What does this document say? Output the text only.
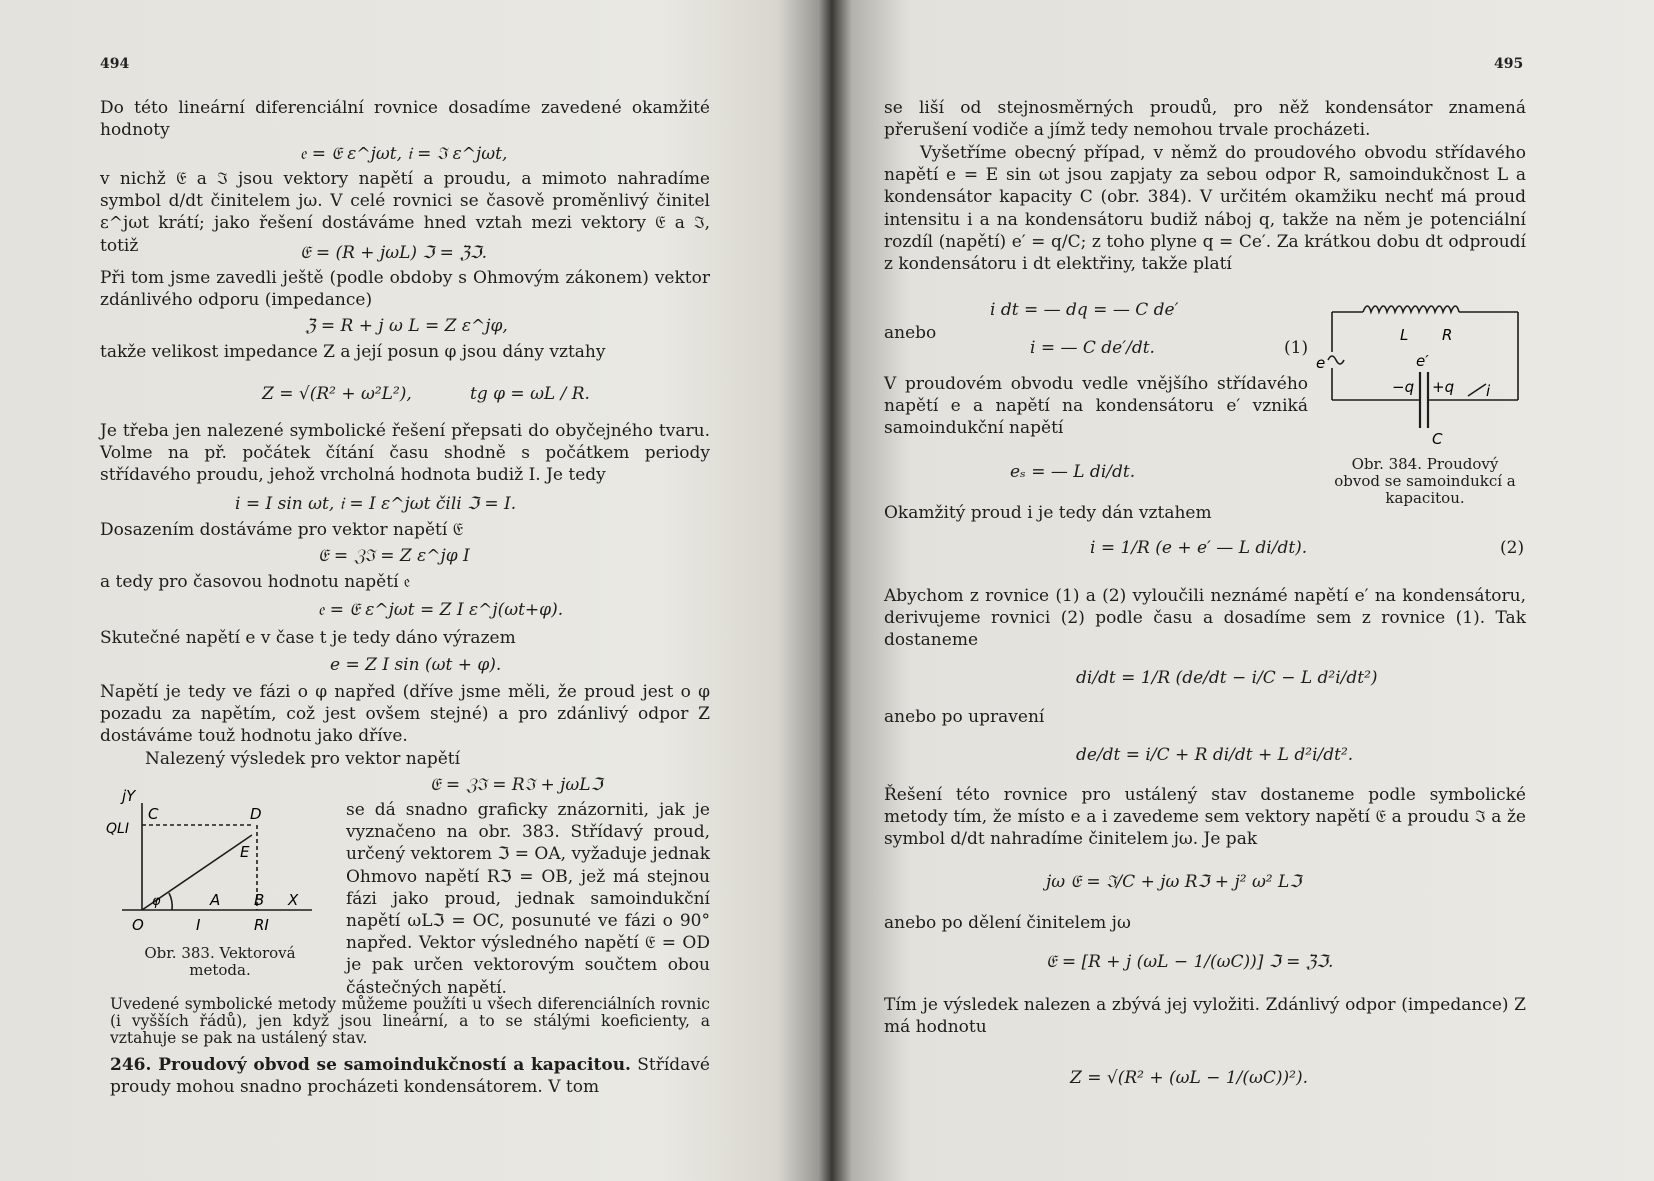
494

Do této lineární diferenciální rovnice dosadíme zavedené okamžité hodnoty

𝔢 = 𝔈 ε^jωt, 𝔦 = ℑ ε^jωt,

v nichž 𝔈 a ℑ jsou vektory napětí a proudu, a mimoto nahradíme symbol d/dt činitelem jω. V celé rovnici se časově proměnlivý činitel ε^jωt krátí; jako řešení dostáváme hned vztah mezi vektory 𝔈 a ℑ, totiž	𝔈 = (R + jωL) ℑ = ℨℑ.

Při tom jsme zavedli ještě (podle obdoby s Ohmovým zákonem) vektor zdánlivého odporu (impedance)

ℨ = R + j ω L = Z ε^jφ,

takže velikost impedance Z a její posun φ jsou dány vztahy

Z = √(R² + ω²L²),	tg φ = ωL / R.

Je třeba jen nalezené symbolické řešení přepsati do obyčejného tvaru. Volme na př. počátek čítání času shodně s počátkem periody střídavého proudu, jehož vrcholná hodnota budiž I. Je tedy

i = I sin ωt, 𝔦 = I ε^jωt čili ℑ = I.

Dosazením dostáváme pro vektor napětí 𝔈

𝔈 = ℨℑ = Z ε^jφ I

a tedy pro časovou hodnotu napětí 𝔢

𝔢 = 𝔈 ε^jωt = Z I ε^j(ωt+φ).

Skutečné napětí e v čase t je tedy dáno výrazem

e = Z I sin (ωt + φ).

Napětí je tedy ve fázi o φ napřed (dříve jsme měli, že proud jest o φ pozadu za napětím, což jest ovšem stejné) a pro zdánlivý odpor Z dostáváme touž hodnotu jako dříve.

Nalezený výsledek pro vektor napětí

𝔈 = ℨℑ = Rℑ + jωLℑ

se dá snadno graficky znázorniti, jak je vyznačeno na obr. 383. Střídavý proud, určený vektorem ℑ = OA, vyžaduje jednak Ohmovo napětí Rℑ = OB, jež má stejnou fázi jako proud, jednak samoindukční napětí ωLℑ = OC, posunuté ve fázi o 90° napřed. Vektor výsledného napětí 𝔈 = OD je pak určen vektorovým součtem obou částečných napětí.

jY
C	D
E
QLI
O	I
A B X
RI
φ
Obr. 383. Vektorová metoda.

Uvedené symbolické metody můžeme použíti u všech diferenciálních rovnic (i vyšších řádů), jen když jsou lineární, a to se stálými koeficienty, a vztahuje se pak na ustálený stav.

246. Proudový obvod se samoindukčností a kapacitou. Střídavé proudy mohou snadno procházeti kondensátorem. V tom

495

se liší od stejnosměrných proudů, pro něž kondensátor znamená přerušení vodiče a jímž tedy nemohou trvale procházeti.

Vyšetříme obecný případ, v němž do proudového obvodu střídavého napětí e = E sin ωt jsou zapjaty za sebou odpor R, samoindukčnost L a kondensátor kapacity C (obr. 384). V určitém okamžiku nechť má proud intensitu i a na kondensátoru budiž náboj q, takže na něm je potenciální rozdíl (napětí) e′ = q/C; z toho plyne q = Ce′. Za krátkou dobu dt odproudí z kondensátoru i dt elektřiny, takže platí

i dt = — dq = — C de′
anebo
i = — C de′/dt.	(1)

V proudovém obvodu vedle vnějšího střídavého napětí e a napětí na kondensátoru e′ vzniká samoindukční napětí

eₛ = — L di/dt.
L R
e	e′
−q +q i
C
Obr. 384. Proudový obvod se samoindukcí a kapacitou.

Okamžitý proud i je tedy dán vztahem

i = 1/R (e + e′ — L di/dt).	(2)

Abychom z rovnice (1) a (2) vyloučili neznámé napětí e′ na kondensátoru, derivujeme rovnici (2) podle času a dosadíme sem z rovnice (1). Tak dostaneme

di/dt = 1/R (de/dt − i/C − L d²i/dt²)

anebo po upravení

de/dt = i/C + R di/dt + L d²i/dt².

Řešení této rovnice pro ustálený stav dostaneme podle symbolické metody tím, že místo e a i zavedeme sem vektory napětí 𝔈 a proudu ℑ a že symbol d/dt nahradíme činitelem jω. Je pak

jω 𝔈 = ℑ/C + jω Rℑ + j² ω² Lℑ

anebo po dělení činitelem jω

𝔈 = [R + j (ωL − 1/(ωC))] ℑ = ℨℑ.

Tím je výsledek nalezen a zbývá jej vyložiti. Zdánlivý odpor (impedance) Z má hodnotu

Z = √(R² + (ωL − 1/(ωC))²).
